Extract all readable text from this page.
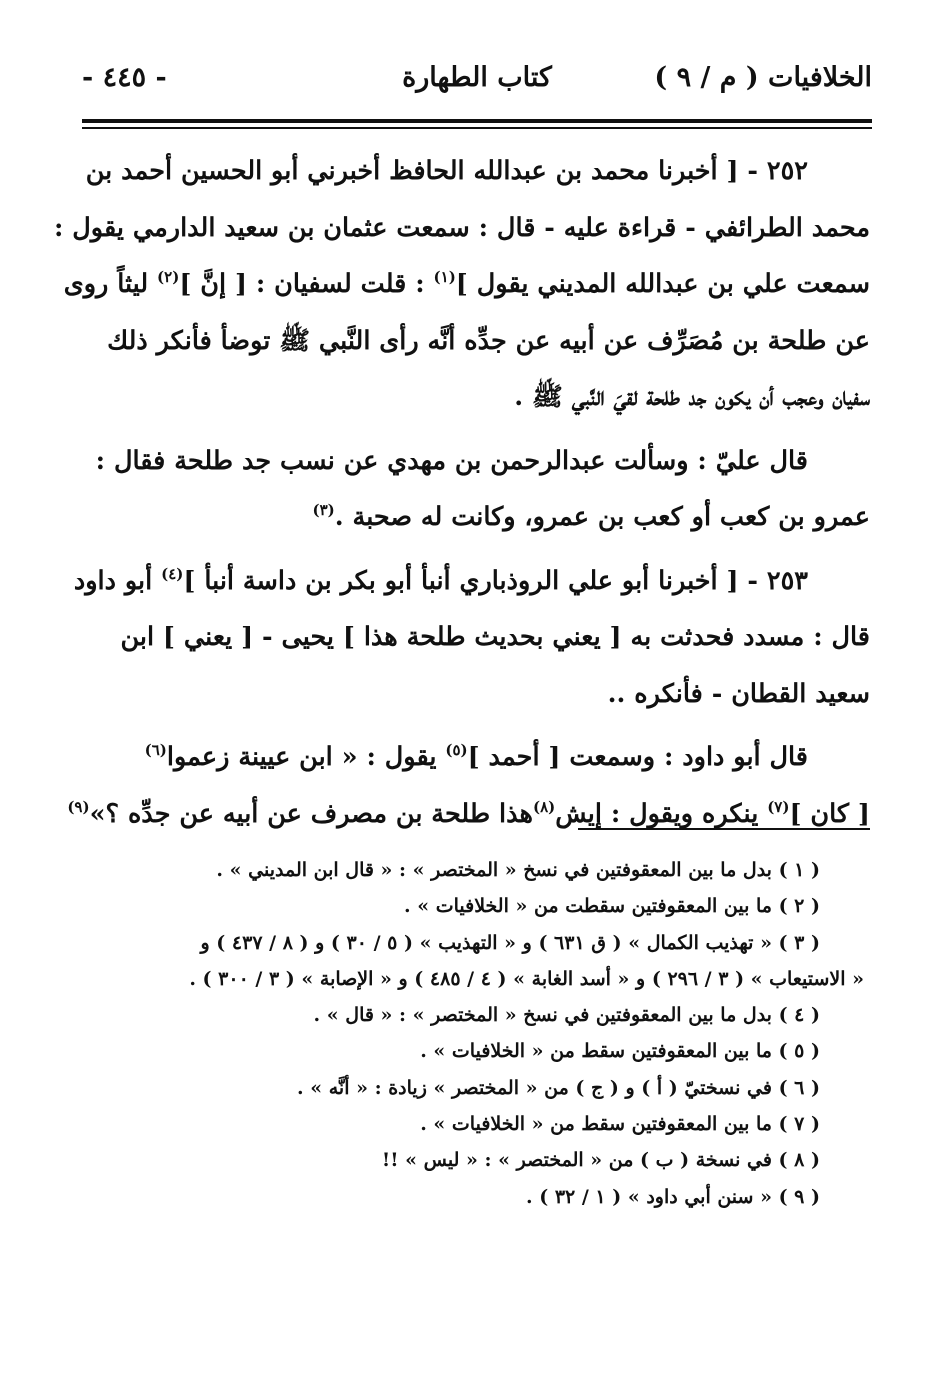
الخلافيات ( م / ٩ )
كتاب الطهارة
- ٤٤٥ -

٢٥٢ - [ أخبرنا محمد بن عبدالله الحافظ أخبرني أبو الحسين أحمد بن
محمد الطرائفي - قراءة عليه - قال : سمعت عثمان بن سعيد الدارمي يقول :
سمعت علي بن عبدالله المديني يقول ]$^{(١)}$ : قلت لسفيان : [ إنَّ ]$^{(٢)}$ ليثاً روى
عن طلحة بن مُصَرِّف عن أبيه عن جدِّه أنَّه رأى النَّبي ﷺ توضأ فأنكر ذلك
سفيان وعجب أن يكون جد طلحة لقيَ النَّبي ﷺ .

قال عليّ : وسألت عبدالرحمن بن مهدي عن نسب جد طلحة فقال :
عمرو بن كعب أو كعب بن عمرو، وكانت له صحبة .$^{(٣)}$

٢٥٣ - [ أخبرنا أبو علي الروذباري أنبأ أبو بكر بن داسة أنبأ ]$^{(٤)}$ أبو داود
قال : مسدد فحدثت به [ يعني بحديث طلحة هذا ] يحيى - [ يعني ] ابن
سعيد القطان - فأنكره ..

قال أبو داود : وسمعت [ أحمد ]$^{(٥)}$ يقول : « ابن عيينة زعموا$^{(٦)}$
[ كان ]$^{(٧)}$ ينكره ويقول : إيش$^{(٨)}$هذا طلحة بن مصرف عن أبيه عن جدِّه ؟»$^{(٩)}$

( ١ ) بدل ما بين المعقوفتين في نسخ « المختصر » : « قال ابن المديني » .
( ٢ ) ما بين المعقوفتين سقطت من « الخلافيات » .
( ٣ ) « تهذيب الكمال » ( ق ٦٣١ ) و « التهذيب » ( ٥ / ٣٠ ) و ( ٨ / ٤٣٧ ) و
« الاستيعاب » ( ٣ / ٢٩٦ ) و « أسد الغابة » ( ٤ / ٤٨٥ ) و « الإصابة » ( ٣ / ٣٠٠ ) .
( ٤ ) بدل ما بين المعقوفتين في نسخ « المختصر » : « قال » .
( ٥ ) ما بين المعقوفتين سقط من « الخلافيات » .
( ٦ ) في نسختيّ ( أ ) و ( ج ) من « المختصر » زيادة : « أنَّه » .
( ٧ ) ما بين المعقوفتين سقط من « الخلافيات » .
( ٨ ) في نسخة ( ب ) من « المختصر » : « ليس » !!
( ٩ ) « سنن أبي داود » ( ١ / ٣٢ ) .
